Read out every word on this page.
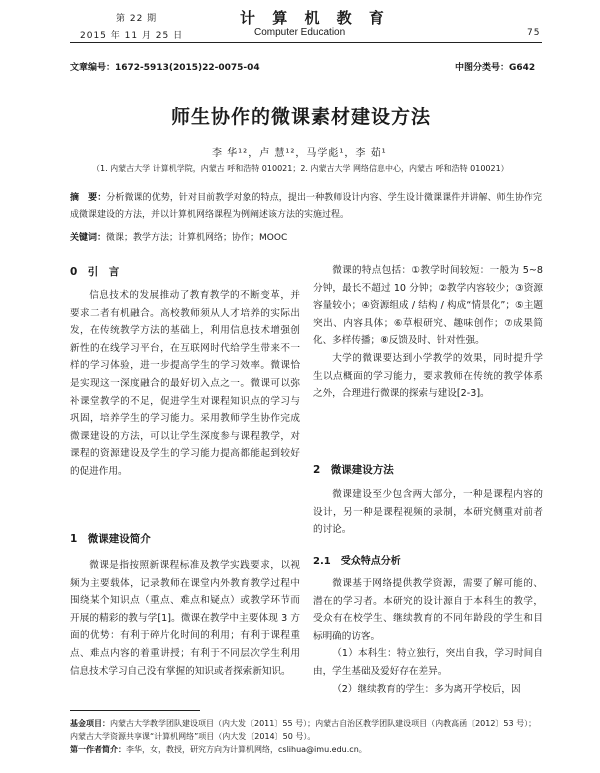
第 22 期
2015 年 11 月 25 日
计 算 机 教 育
Computer Education	75
文章编号：1672-5913(2015)22-0075-04	中图分类号：G642
师生协作的微课素材建设方法
李 华¹²，卢 慧¹²，马学彪¹，李 茹¹
（1. 内蒙古大学 计算机学院，内蒙古 呼和浩特 010021；2. 内蒙古大学 网络信息中心，内蒙古 呼和浩特 010021）
摘　要：分析微课的优势，针对目前教学对象的特点，提出一种教师设计内容、学生设计微课课件并讲解、师生协作完成微课建设的方法，并以计算机网络课程为例阐述该方法的实施过程。
关键词：微课；教学方法；计算机网络；协作；MOOC
0　引　言

信息技术的发展推动了教育教学的不断变革，并要求二者有机融合。高校教师须从人才培养的实际出发，在传统教学方法的基础上，利用信息技术增强创新性的在线学习平台，在互联网时代给学生带来不一样的学习体验，进一步提高学生的学习效率。微课恰是实现这一深度融合的最好切入点之一。微课可以弥补课堂教学的不足，促进学生对课程知识点的学习与巩固，培养学生的学习能力。采用教师学生协作完成微课建设的方法，可以让学生深度参与课程教学，对课程的资源建设及学生的学习能力提高都能起到较好的促进作用。

1　微课建设简介

微课是指按照新课程标准及教学实践要求，以视频为主要载体，记录教师在课堂内外教育教学过程中围绕某个知识点（重点、难点和疑点）或教学环节而开展的精彩的教与学[1]。微课在教学中主要体现 3 方面的优势：有利于碎片化时间的利用；有利于课程重点、难点内容的着重讲授；有利于不同层次学生利用信息技术学习自己没有掌握的知识或者探索新知识。

微课的特点包括：①教学时间较短：一般为 5~8 分钟，最长不超过 10 分钟；②教学内容较少；③资源容量较小；④资源组成 / 结构 / 构成“情景化”；⑤主题突出、内容具体；⑥草根研究、趣味创作；⑦成果简化、多样传播；⑧反馈及时、针对性强。

大学的微课要达到小学教学的效果，同时提升学生以点概面的学习能力，要求教师在传统的教学体系之外，合理进行微课的探索与建设[2-3]。

2　微课建设方法

微课建设至少包含两大部分，一种是课程内容的设计，另一种是课程视频的录制，本研究侧重对前者的讨论。

2.1　受众特点分析

微课基于网络提供教学资源，需要了解可能的、潜在的学习者。本研究的设计源自于本科生的教学，受众有在校学生、继续教育的不同年龄段的学生和目标明确的访客。

（1）本科生：特立独行，突出自我，学习时间自由，学生基础及爱好存在差异。

（2）继续教育的学生：多为离开学校后，因

基金项目：内蒙古大学教学团队建设项目（内大发〔2011〕55 号）；内蒙古自治区教学团队建设项目（内教高函〔2012〕53 号）；内蒙古大学资源共享课“计算机网络”项目（内大发〔2014〕50 号）。
第一作者简介：李华，女，教授，研究方向为计算机网络，cslihua@imu.edu.cn。
